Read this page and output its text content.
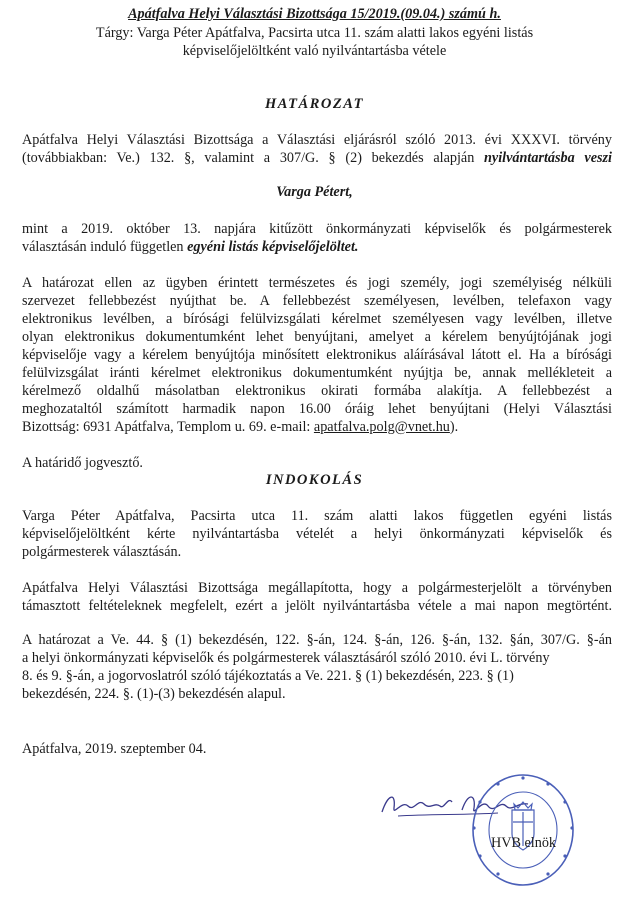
Apátfalva Helyi Választási Bizottsága 15/2019.(09.04.) számú h.
Tárgy: Varga Péter Apátfalva, Pacsirta utca 11. szám alatti lakos egyéni listás
képviselőjelöltként való nyilvántartásba vétele
HATÁROZAT
Apátfalva Helyi Választási Bizottsága a Választási eljárásról szóló 2013. évi XXXVI. törvény
(továbbiakban: Ve.) 132. §, valamint a 307/G. § (2) bekezdés alapján nyilvántartásba veszi
Varga Pétert,
mint a 2019. október 13. napjára kitűzött önkormányzati képviselők és polgármesterek
választásán induló független egyéni listás képviselőjelöltet.
A határozat ellen az ügyben érintett természetes és jogi személy, jogi személyiség nélküli
szervezet fellebbezést nyújthat be. A fellebbezést személyesen, levélben, telefaxon vagy
elektronikus levélben, a bírósági felülvizsgálati kérelmet személyesen vagy levélben, illetve
olyan elektronikus dokumentumként lehet benyújtani, amelyet a kérelem benyújtójának jogi
képviselője vagy a kérelem benyújtója minősített elektronikus aláírásával látott el. Ha a bírósági
felülvizsgálat iránti kérelmet elektronikus dokumentumként nyújtja be, annak mellékleteit a
kérelmező oldalhű másolatban elektronikus okirati formába alakítja. A fellebbezést a
meghozataltól számított harmadik napon 16.00 óráig lehet benyújtani (Helyi Választási
Bizottság: 6931 Apátfalva, Templom u. 69. e-mail: apatfalva.polg@vnet.hu).
A határidő jogvesztő.
INDOKOLÁS
Varga Péter Apátfalva, Pacsirta utca 11. szám alatti lakos független egyéni listás
képviselőjelöltként kérte nyilvántartásba vételét a helyi önkormányzati képviselők és
polgármesterek választásán.
Apátfalva Helyi Választási Bizottsága megállapította, hogy a polgármesterjelölt a törvényben
támasztott feltételeknek megfelelt, ezért a jelölt nyilvántartásba vétele a mai napon megtörtént.
A határozat a Ve. 44. § (1) bekezdésén, 122. §-án, 124. §-án, 126. §-án, 132. §án, 307/G. §-án
a helyi önkormányzati képviselők és polgármesterek választásáról szóló 2010. évi L. törvény
8. és 9. §-án, a jogorvoslatról szóló tájékoztatás a Ve. 221. § (1) bekezdésén, 223. § (1)
bekezdésén, 224. §. (1)-(3) bekezdésén alapul.
Apátfalva, 2019. szeptember 04.
HVB elnök
